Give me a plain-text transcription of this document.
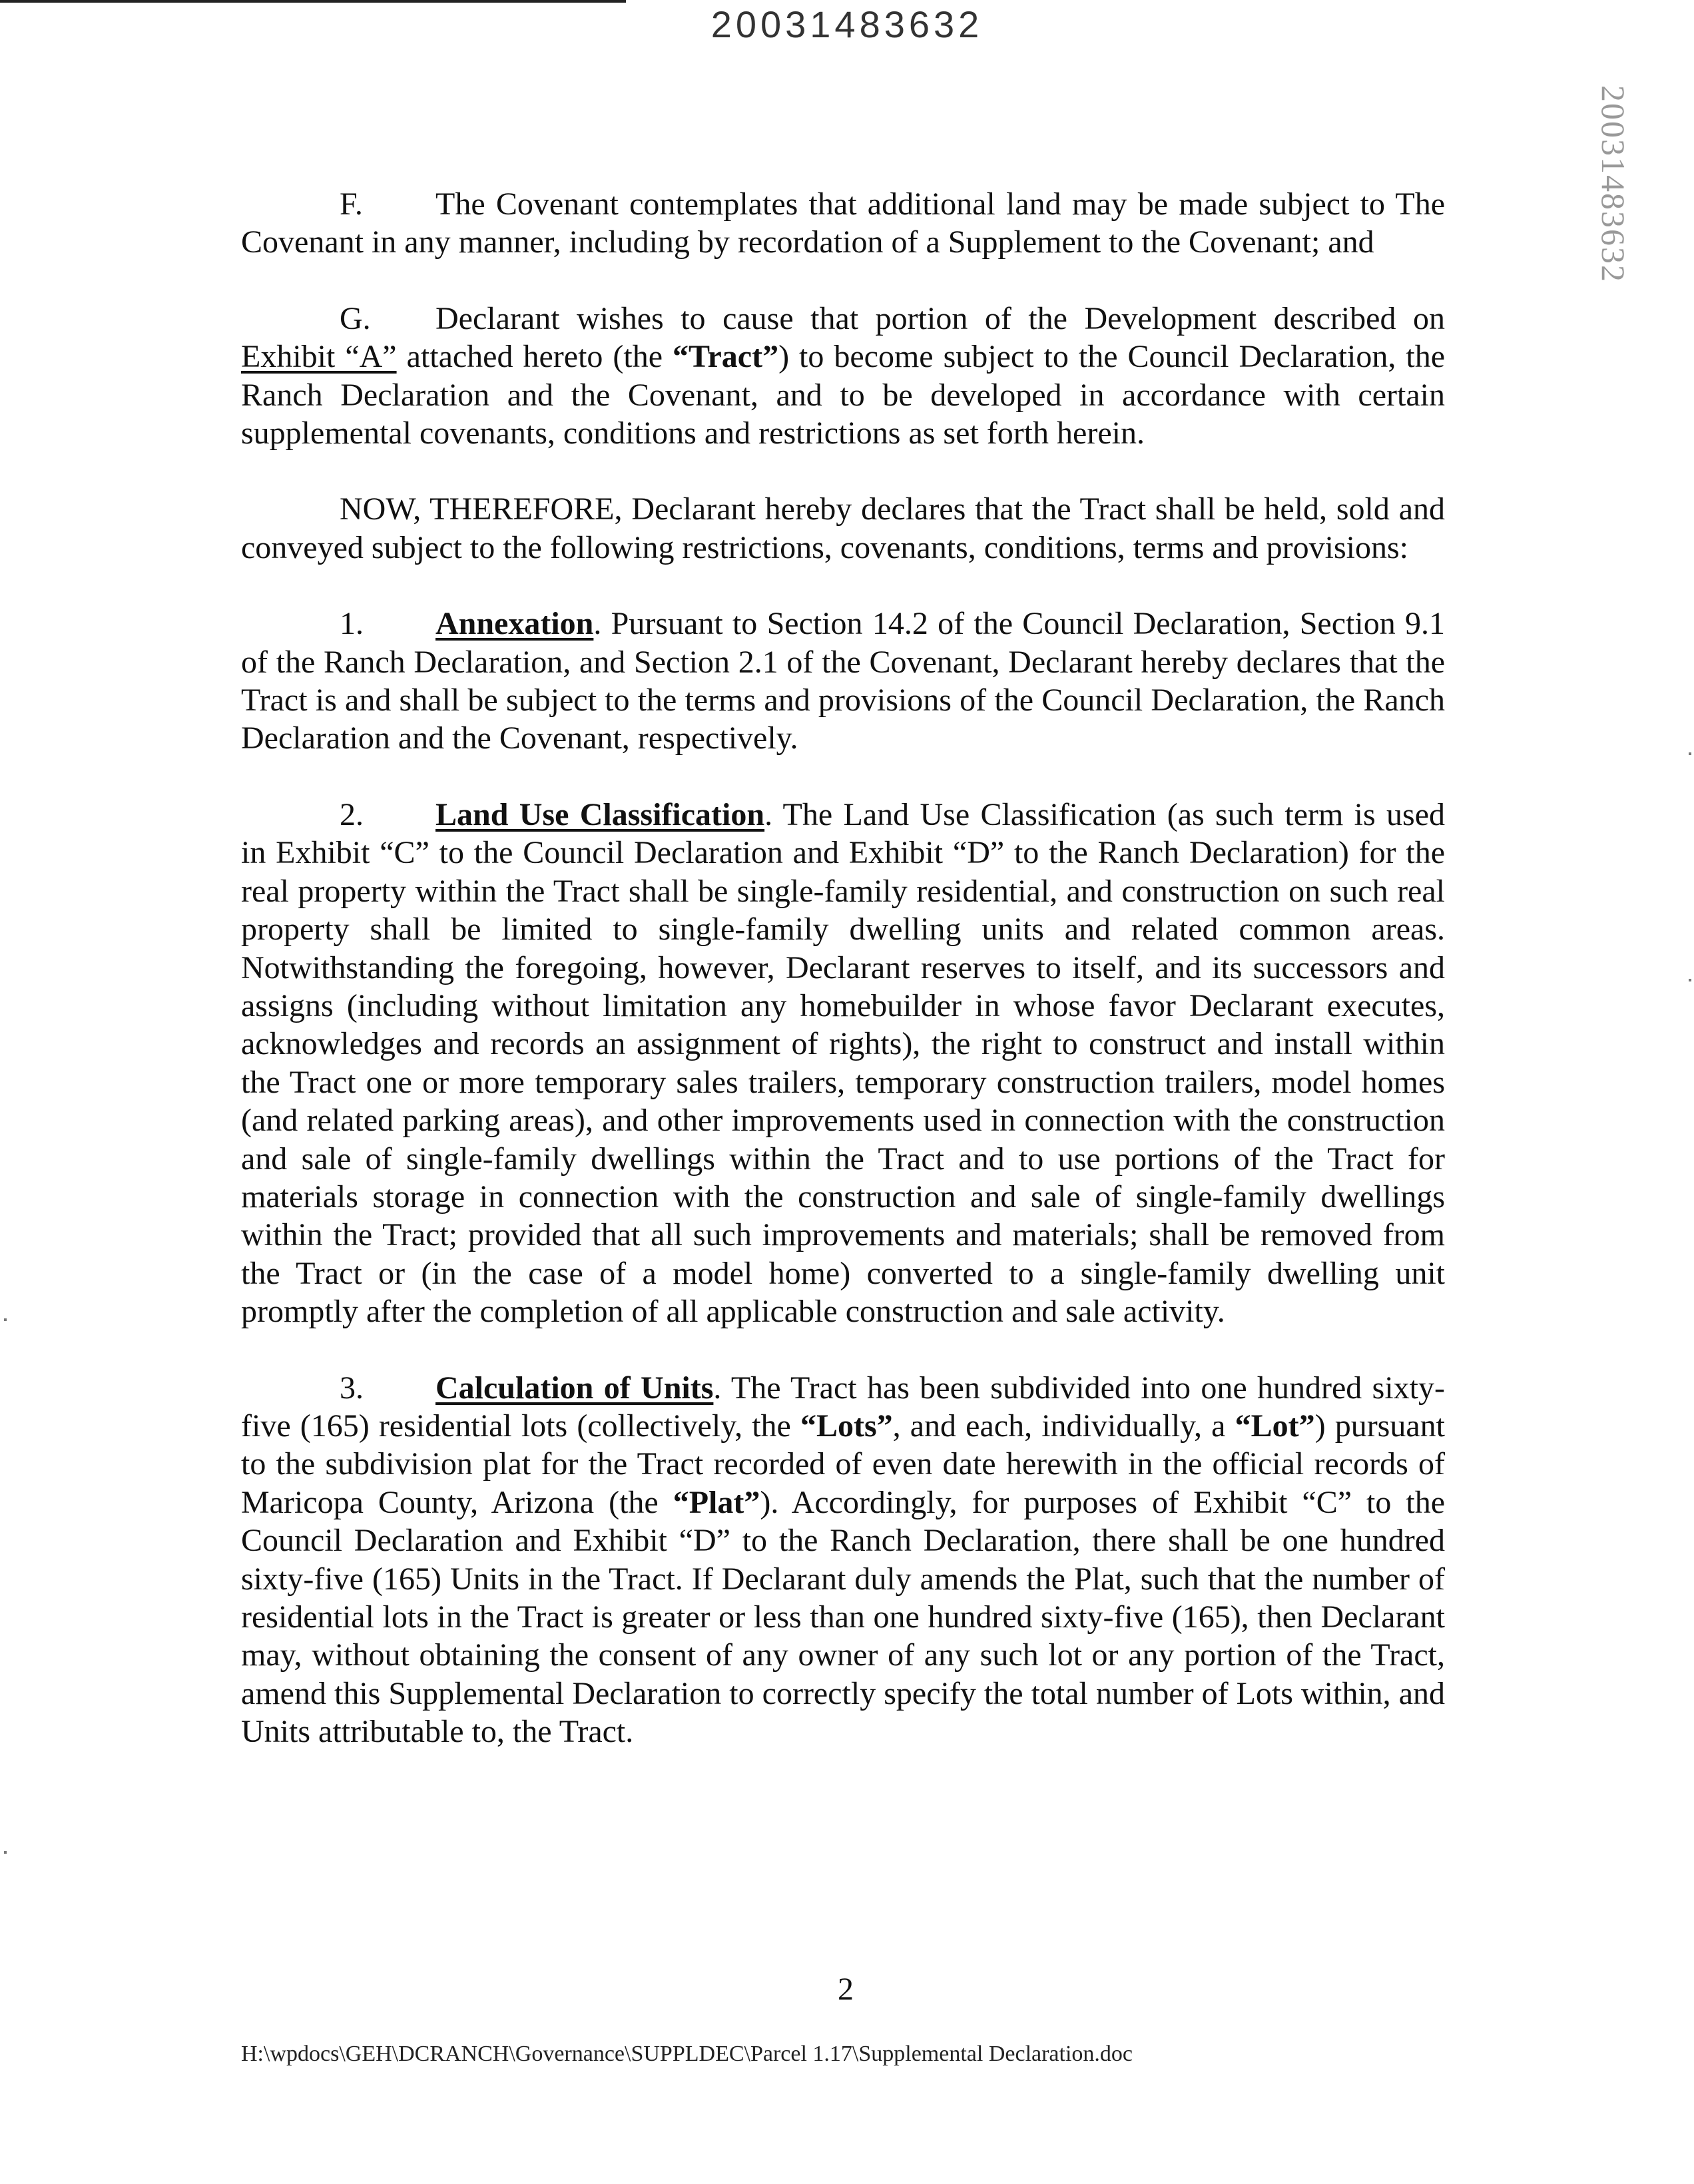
20031483632
20031483632

F. The Covenant contemplates that additional land may be made subject to The Covenant in any manner, including by recordation of a Supplement to the Covenant; and

G. Declarant wishes to cause that portion of the Development described on Exhibit “A” attached hereto (the “Tract”) to become subject to the Council Declaration, the Ranch Declaration and the Covenant, and to be developed in accordance with certain supplemental covenants, conditions and restrictions as set forth herein.

NOW, THEREFORE, Declarant hereby declares that the Tract shall be held, sold and conveyed subject to the following restrictions, covenants, conditions, terms and provisions:

1. Annexation. Pursuant to Section 14.2 of the Council Declaration, Section 9.1 of the Ranch Declaration, and Section 2.1 of the Covenant, Declarant hereby declares that the Tract is and shall be subject to the terms and provisions of the Council Declaration, the Ranch Declaration and the Covenant, respectively.

2. Land Use Classification. The Land Use Classification (as such term is used in Exhibit “C” to the Council Declaration and Exhibit “D” to the Ranch Declaration) for the real property within the Tract shall be single-family residential, and construction on such real property shall be limited to single-family dwelling units and related common areas. Notwithstanding the foregoing, however, Declarant reserves to itself, and its successors and assigns (including without limitation any homebuilder in whose favor Declarant executes, acknowledges and records an assignment of rights), the right to construct and install within the Tract one or more temporary sales trailers, temporary construction trailers, model homes (and related parking areas), and other improvements used in connection with the construction and sale of single-family dwellings within the Tract and to use portions of the Tract for materials storage in connection with the construction and sale of single-family dwellings within the Tract; provided that all such improvements and materials; shall be removed from the Tract or (in the case of a model home) converted to a single-family dwelling unit promptly after the completion of all applicable construction and sale activity.

3. Calculation of Units. The Tract has been subdivided into one hundred sixty-five (165) residential lots (collectively, the “Lots”, and each, individually, a “Lot”) pursuant to the subdivision plat for the Tract recorded of even date herewith in the official records of Maricopa County, Arizona (the “Plat”). Accordingly, for purposes of Exhibit “C” to the Council Declaration and Exhibit “D” to the Ranch Declaration, there shall be one hundred sixty-five (165) Units in the Tract. If Declarant duly amends the Plat, such that the number of residential lots in the Tract is greater or less than one hundred sixty-five (165), then Declarant may, without obtaining the consent of any owner of any such lot or any portion of the Tract, amend this Supplemental Declaration to correctly specify the total number of Lots within, and Units attributable to, the Tract.

2
H:\wpdocs\GEH\DCRANCH\Governance\SUPPLDEC\Parcel 1.17\Supplemental Declaration.doc
